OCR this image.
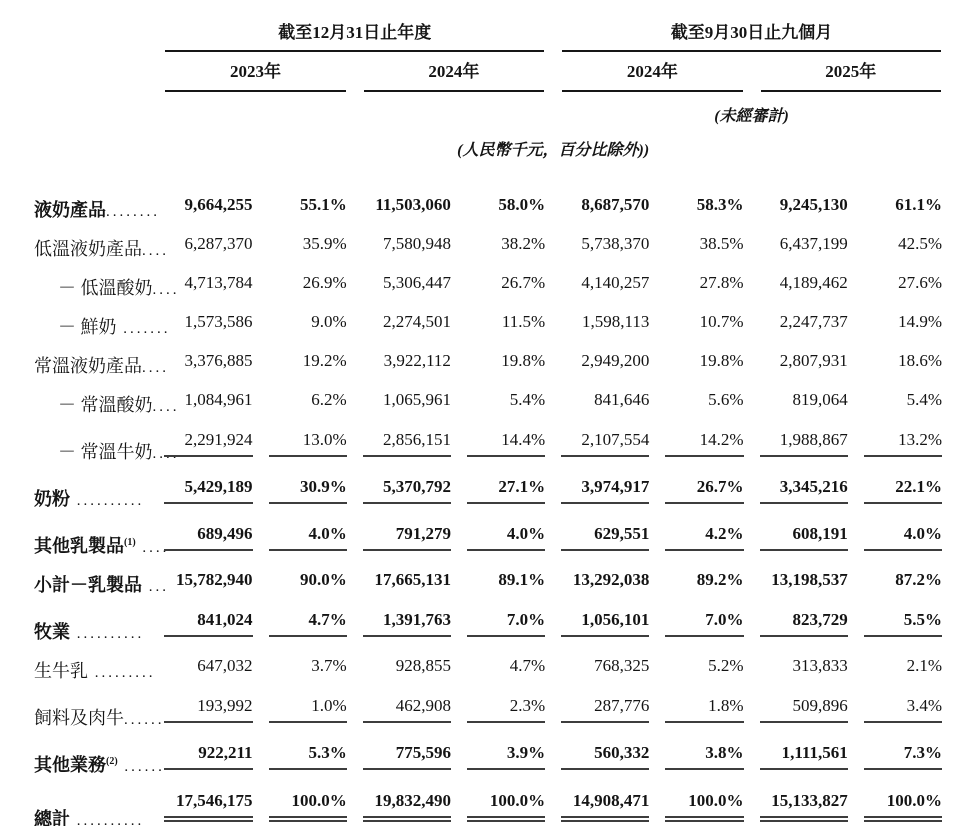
	截至12月31日止年度				截至9月30日止九個月			

	2023年		2024年		2024年		2025年	

					(未經審計)			
	(人民幣千元，百分比除外))							
液奶產品........	9,664,255	55.1%	11,503,060	58.0%	8,687,570	58.3%	9,245,130	61.1%

低溫液奶產品....	6,287,370	35.9%	7,580,948	38.2%	5,738,370	38.5%	6,437,199	42.5%

－ 低溫酸奶....	4,713,784	26.9%	5,306,447	26.7%	4,140,257	27.8%	4,189,462	27.6%

－ 鮮奶 .......	1,573,586	9.0%	2,274,501	11.5%	1,598,113	10.7%	2,247,737	14.9%

常溫液奶產品....	3,376,885	19.2%	3,922,112	19.8%	2,949,200	19.8%	2,807,931	18.6%

－ 常溫酸奶....	1,084,961	6.2%	1,065,961	5.4%	841,646	5.6%	819,064	5.4%

－ 常溫牛奶....	2,291,924	13.0%	2,856,151	14.4%	2,107,554	14.2%	1,988,867	13.2%

奶粉 ..........	5,429,189	30.9%	5,370,792	27.1%	3,974,917	26.7%	3,345,216	22.1%

其他乳製品$^{(1)}$ ....	689,496	4.0%	791,279	4.0%	629,551	4.2%	608,191	4.0%

小計－乳製品 ...	15,782,940	90.0%	17,665,131	89.1%	13,292,038	89.2%	13,198,537	87.2%

牧業 ..........	841,024	4.7%	1,391,763	7.0%	1,056,101	7.0%	823,729	5.5%

生牛乳 .........	647,032	3.7%	928,855	4.7%	768,325	5.2%	313,833	2.1%

飼料及肉牛......	193,992	1.0%	462,908	2.3%	287,776	1.8%	509,896	3.4%

其他業務$^{(2)}$ ......	922,211	5.3%	775,596	3.9%	560,332	3.8%	1,111,561	7.3%

總計 ..........	17,546,175	100.0%	19,832,490	100.0%	14,908,471	100.0%	15,133,827	100.0%
